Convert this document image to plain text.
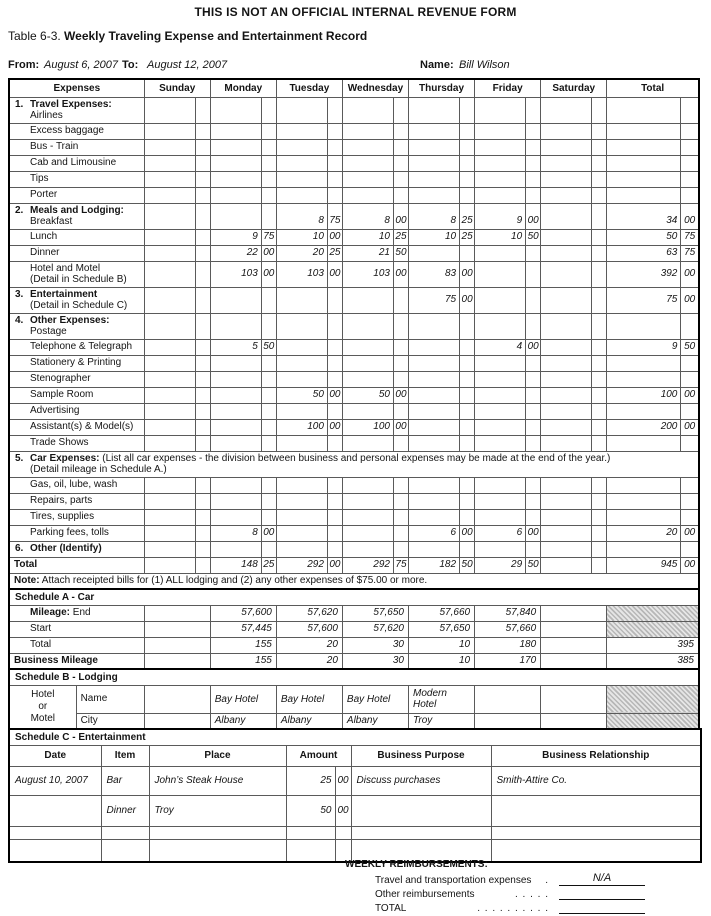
THIS IS NOT AN OFFICIAL INTERNAL REVENUE FORM
Table 6-3. Weekly Traveling Expense and Entertainment Record
From: August 6, 2007 To: August 12, 2007	Name: Bill Wilson
Expenses		Sunday		Monday		Tuesday		Wednesday		Thursday		Friday		Saturday		Total	

1. Travel Expenses:
Airlines																	

Excess baggage																	

Bus - Train																	

Cab and Limousine																	

Tips																	

Porter																	

2. Meals and Lodging:
Breakfast						8	75	8	00	8	25	9	00			34	00

Lunch				9	75	10	00	10	25	10	25	10	50			50	75

Dinner				22	00	20	25	21	50							63	75

Hotel and Motel
(Detail in Schedule B)				103	00	103	00	103	00	83	00					392	00

3. Entertainment
(Detail in Schedule C)										75	00					75	00

4. Other Expenses:
Postage																	

Telephone & Telegraph				5	50							4	00			9	50

Stationery & Printing																	

Stenographer																	

Sample Room						50	00	50	00							100	00

Advertising																	

Assistant(s) & Model(s)						100	00	100	00							200	00

Trade Shows																	

5. Car Expenses: (List all car expenses - the division between business and personal expenses may be made at the end of the year.)
(Detail mileage in Schedule A.)																	

Gas, oil, lube, wash																	

Repairs, parts																	

Tires, supplies																	

Parking fees, tolls				8	00					6	00	6	00			20	00

6. Other (Identify)																	

Total				148	25	292	00	292	75	182	50	29	50			945	00

Note: Attach receipted bills for (1) ALL lodging and (2) any other expenses of $75.00 or more.																	

Schedule A - Car																	

Mileage: End				57,600		57,620		57,650		57,660		57,840					

Start				57,445		57,600		57,620		57,650		57,660					

Total				155		20		30		10		180				395	

Business Mileage				155		20		30		10		170				385	
Schedule B - Lodging																	

Hotel
or
Motel	Name			Bay Hotel		Bay Hotel		Bay Hotel		Modern Hotel							
	City			Albany		Albany		Albany		Troy							
Schedule C - Entertainment						
Date	Item	Place	Amount		Business Purpose	Business Relationship
August 10, 2007	Bar	John’s Steak House	25	00	Discuss purchases	Smith-Attire Co.
	Dinner	Troy	50	00		

WEEKLY REIMBURSEMENTS:
Travel and transportation expenses	.	N/A
Other reimbursements	. . . . .
TOTAL	. . . . . . . . . .
